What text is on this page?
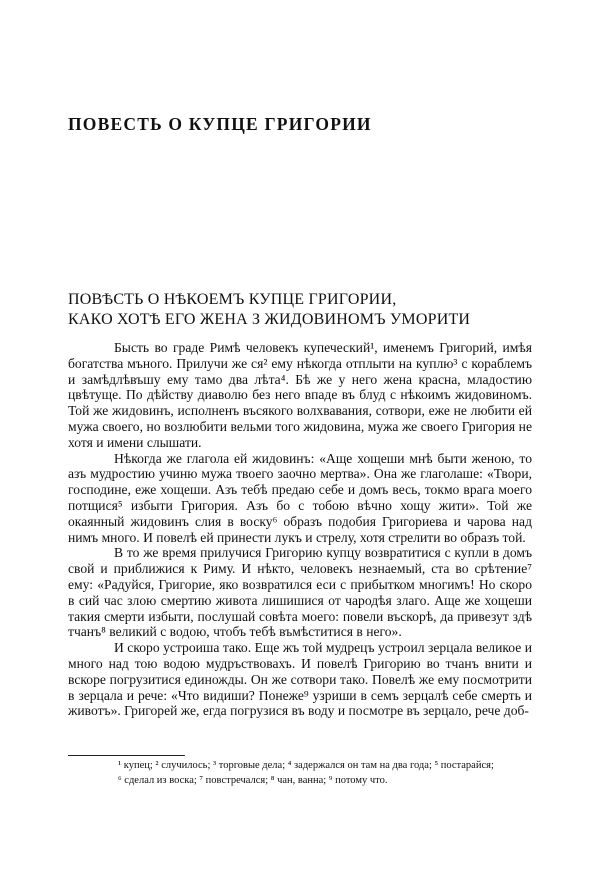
ПОВЕСТЬ О КУПЦЕ ГРИГОРИИ
ПОВѢСТЬ О НѢКОЕМЪ КУПЦЕ ГРИГОРИИ,
КАКО ХОТѢ ЕГО ЖЕНА З ЖИДОВИНОМЪ УМОРИТИ

Бысть во граде Римѣ человекъ купеческий¹, именемъ Григорий, имѣя богатства мъного. Прилучи же ся² ему нѣкогда отплыти на куплю³ с кораблемъ и замѣдлѣвъшу ему тамо два лѣта⁴. Бѣ же у него жена красна, младостию цвѣтуще. По дѣйству диаволю без него впаде въ блуд с нѣкоимъ жидовиномъ. Той же жидовинъ, исполненъ въсякого волхвавания, сотвори, еже не любити ей мужа своего, но возлюбити вельми того жидовина, мужа же своего Григория не хотя и имени слышати.

Нѣкогда же глагола ей жидовинъ: «Аще хощеши мнѣ быти женою, то азъ мудростию учиню мужа твоего заочно мертва». Она же глаголаше: «Твори, господине, еже хощеши. Азъ тебѣ предаю себе и домъ весь, токмо врага моего потщися⁵ избыти Григория. Азъ бо с тобою вѣчно хощу жити». Той же окаянный жидовинъ слия в воску⁶ образъ подобия Григориева и чарова над нимъ много. И повелѣ ей принести лукъ и стрелу, хотя стрелити во образъ той.

В то же время прилучися Григорию купцу возвратитися с купли в домъ свой и приближися к Риму. И нѣкто, человекъ незнаемый, ста во срѣтение⁷ ему: «Радуйся, Григорие, яко возвратился еси с прибытком многимъ! Но скоро в сий час злою смертию живота лишишися от чародѣя злаго. Аще же хощеши такия смерти избыти, послушай совѣта моего: повели въскорѣ, да привезут здѣ тчанъ⁸ великий с водою, чтобъ тебѣ въмѣститися в него».

И скоро устроиша тако. Еще жъ той мудрецъ устроил зерцала великое и много над тою водою мудръствовахъ. И повелѣ Григорию во тчанъ внити и вскоре погрузитися единожды. Он же сотвори тако. Повелѣ же ему посмотрити в зерцала и рече: «Что видиши? Понеже⁹ узриши в семъ зерцалѣ себе смерть и животъ». Григорей же, егда погрузися въ воду и посмотре въ зерцало, рече доб-

¹ купец; ² случилось; ³ торговые дела; ⁴ задержался он там на два года; ⁵ постарайся;
⁶ сделал из воска; ⁷ повстречался; ⁸ чан, ванна; ⁹ потому что.
